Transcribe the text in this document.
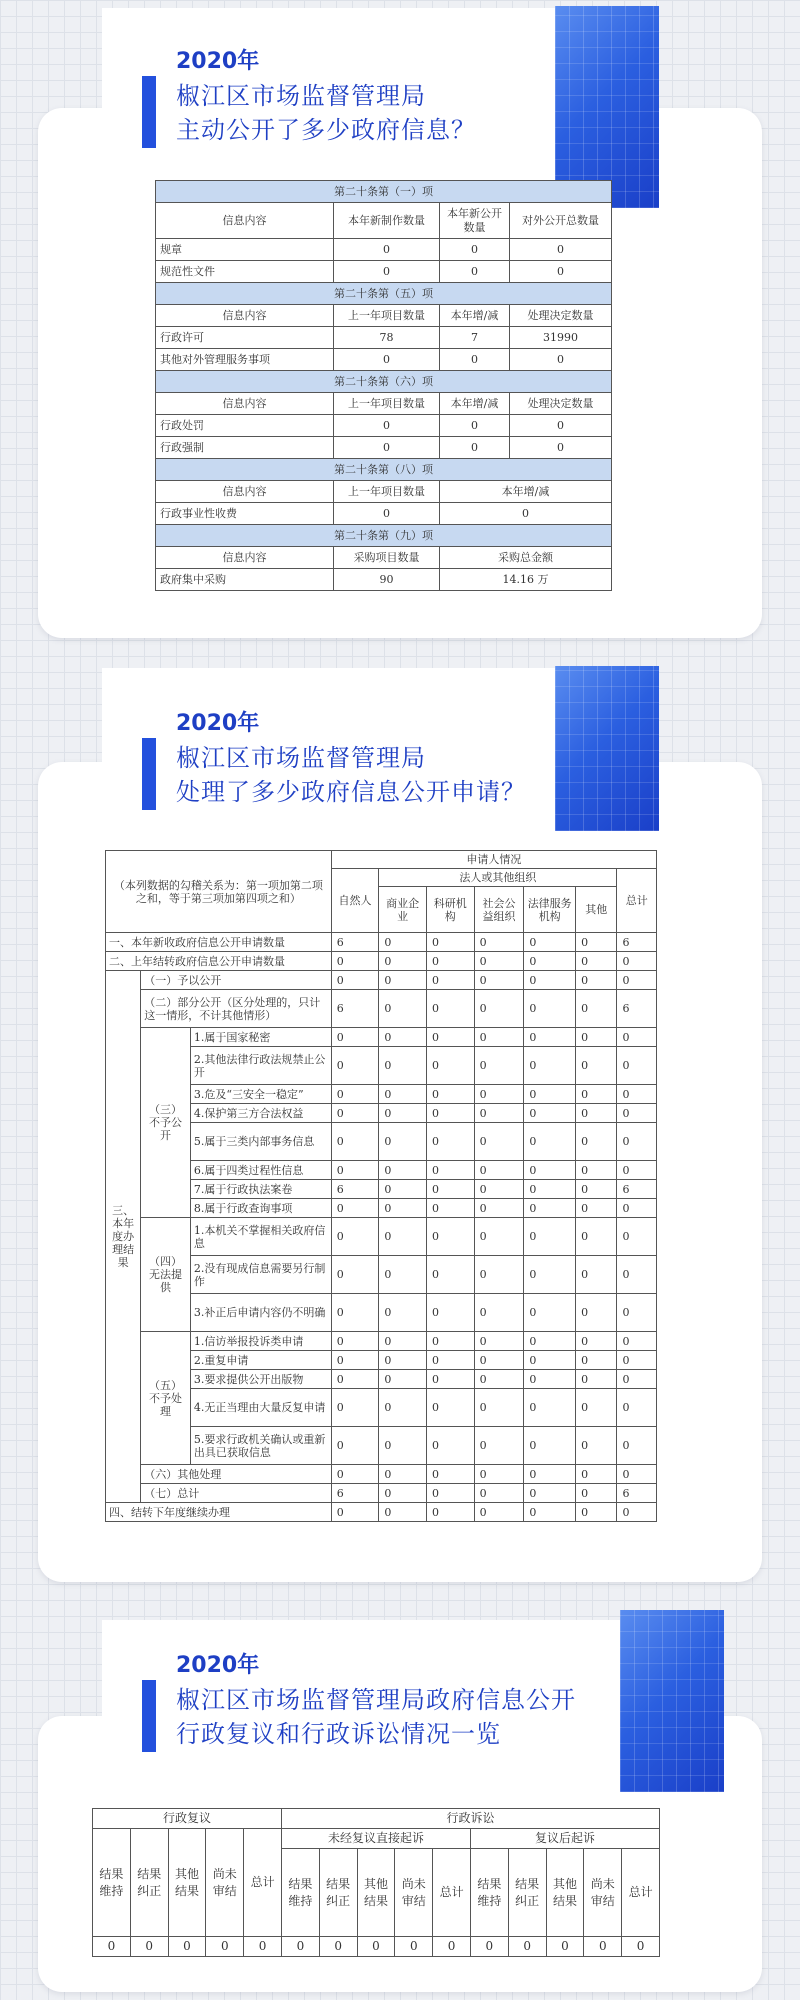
2020年
椒江区市场监督管理局
主动公开了多少政府信息？
第二十条第（一）项			
信息内容	本年新制作数量	本年新公开数量	对外公开总数量
规章	0	0	0
规范性文件	0	0	0
第二十条第（五）项			
信息内容	上一年项目数量	本年增/减	处理决定数量
行政许可	78	7	31990
其他对外管理服务事项	0	0	0
第二十条第（六）项			
信息内容	上一年项目数量	本年增/减	处理决定数量
行政处罚	0	0	0
行政强制	0	0	0
第二十条第（八）项			
信息内容	上一年项目数量	本年增/减	
行政事业性收费	0	0	
第二十条第（九）项			
信息内容	采购项目数量	采购总金额	
政府集中采购	90	14.16 万	
2020年
椒江区市场监督管理局
处理了多少政府信息公开申请？
（本列数据的勾稽关系为：第一项加第二项之和，等于第三项加第四项之和）			申请人情况						
			自然人	法人或其他组织					总计
				商业企业	科研机构	社会公益组织	法律服务机构	其他	
一、本年新收政府信息公开申请数量			6	0	0	0	0	0	6
二、上年结转政府信息公开申请数量			0	0	0	0	0	0	0
三、本年度办理结果	（一）予以公开		0	0	0	0	0	0	0
	（二）部分公开（区分处理的，只计这一情形，不计其他情形）		6	0	0	0	0	0	6
	（三）不予公开	1.属于国家秘密	0	0	0	0	0	0	0
		2.其他法律行政法规禁止公开	0	0	0	0	0	0	0
		3.危及“三安全一稳定”	0	0	0	0	0	0	0
		4.保护第三方合法权益	0	0	0	0	0	0	0
		5.属于三类内部事务信息	0	0	0	0	0	0	0
		6.属于四类过程性信息	0	0	0	0	0	0	0
		7.属于行政执法案卷	6	0	0	0	0	0	6
		8.属于行政查询事项	0	0	0	0	0	0	0
	（四）无法提供	1.本机关不掌握相关政府信息	0	0	0	0	0	0	0
		2.没有现成信息需要另行制作	0	0	0	0	0	0	0
		3.补正后申请内容仍不明确	0	0	0	0	0	0	0
	（五）不予处理	1.信访举报投诉类申请	0	0	0	0	0	0	0
		2.重复申请	0	0	0	0	0	0	0
		3.要求提供公开出版物	0	0	0	0	0	0	0
		4.无正当理由大量反复申请	0	0	0	0	0	0	0
		5.要求行政机关确认或重新出具已获取信息	0	0	0	0	0	0	0
	（六）其他处理		0	0	0	0	0	0	0
	（七）总计		6	0	0	0	0	0	6
四、结转下年度继续办理			0	0	0	0	0	0	0
2020年
椒江区市场监督管理局政府信息公开
行政复议和行政诉讼情况一览
行政复议					行政诉讼									
结果维持	结果纠正	其他结果	尚未审结	总计	未经复议直接起诉					复议后起诉				
					结果维持	结果纠正	其他结果	尚未审结	总计	结果维持	结果纠正	其他结果	尚未审结	总计
0	0	0	0	0	0	0	0	0	0	0	0	0	0	0
